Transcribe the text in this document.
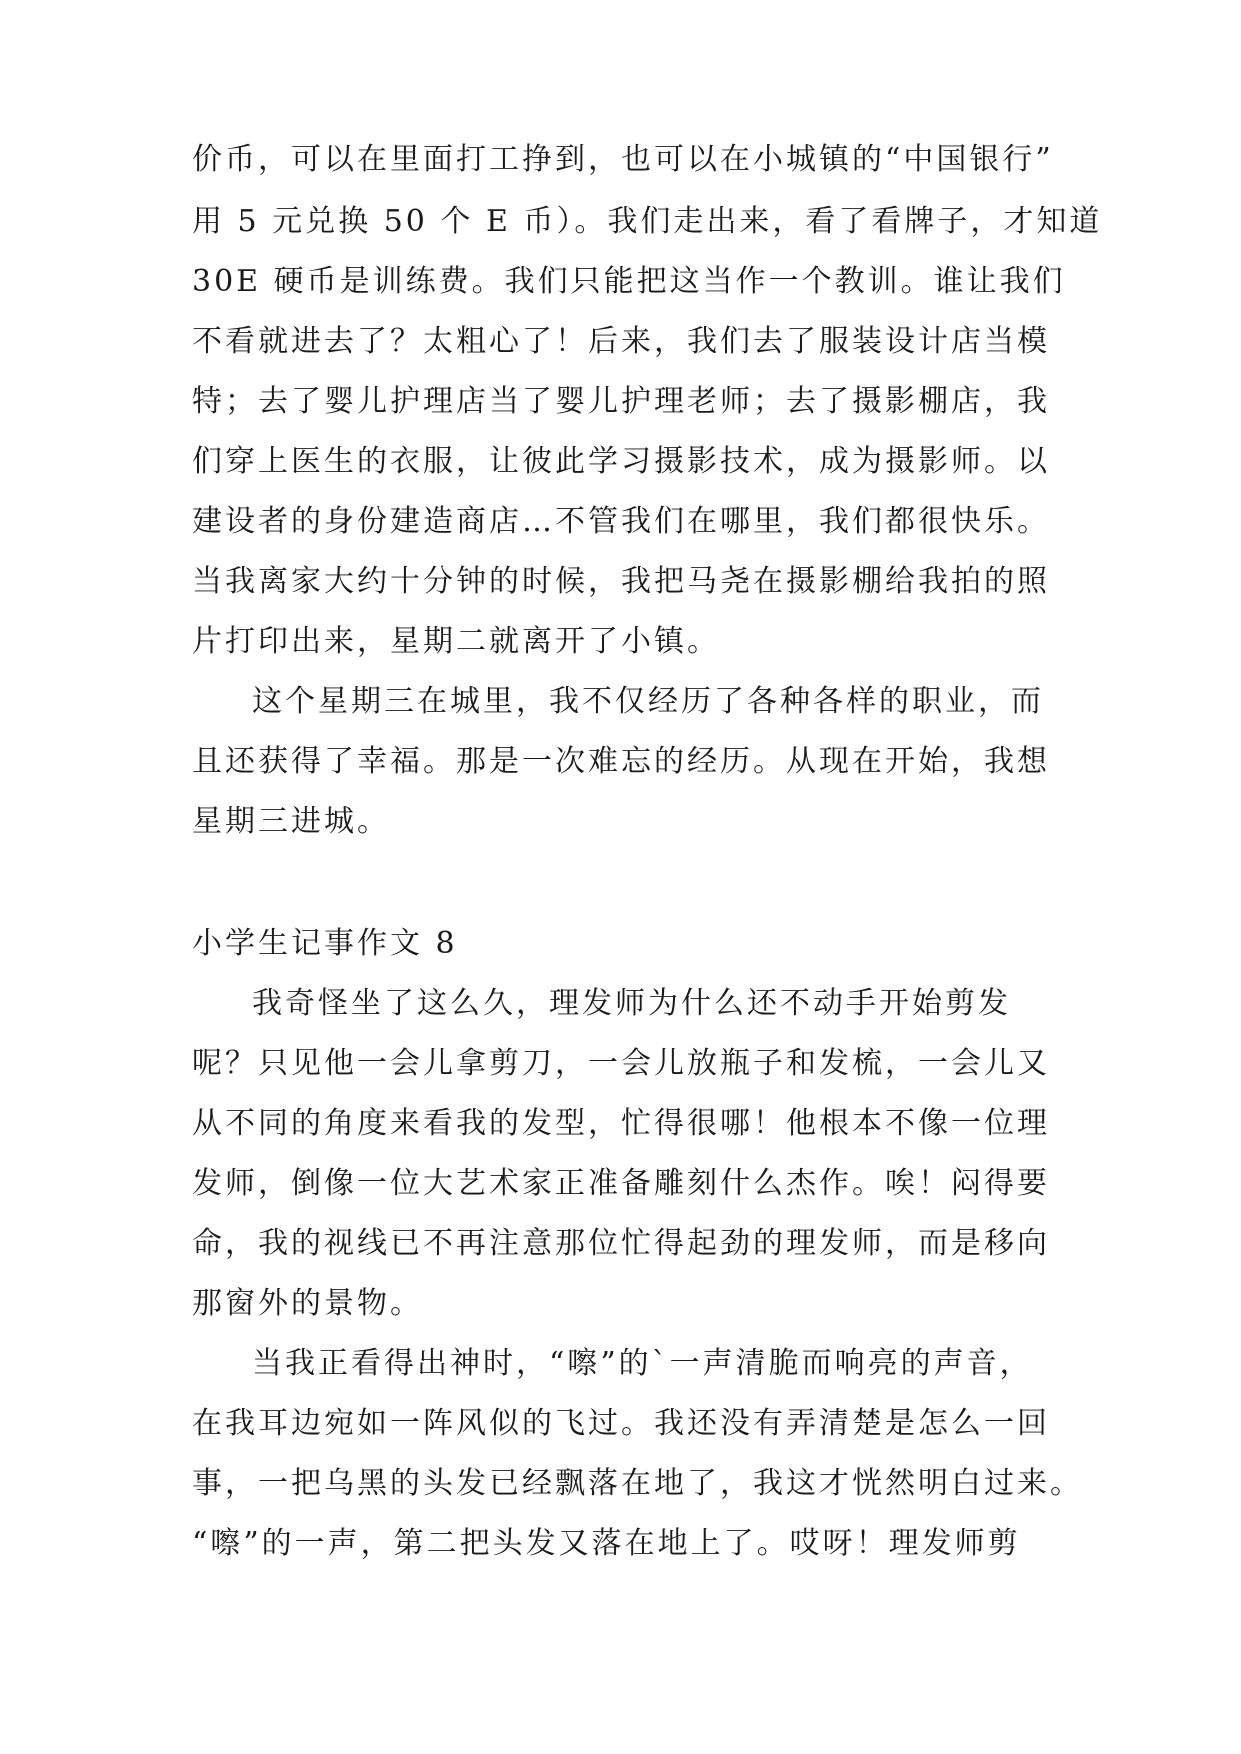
价币，可以在里面打工挣到，也可以在小城镇的“中国银行”
用 5 元兑换 50 个 E 币）。我们走出来，看了看牌子，才知道
30E 硬币是训练费。我们只能把这当作一个教训。谁让我们
不看就进去了？太粗心了！后来，我们去了服装设计店当模
特；去了婴儿护理店当了婴儿护理老师；去了摄影棚店，我
们穿上医生的衣服，让彼此学习摄影技术，成为摄影师。以
建设者的身份建造商店…不管我们在哪里，我们都很快乐。
当我离家大约十分钟的时候，我把马尧在摄影棚给我拍的照
片打印出来，星期二就离开了小镇。
这个星期三在城里，我不仅经历了各种各样的职业，而
且还获得了幸福。那是一次难忘的经历。从现在开始，我想
星期三进城。
小学生记事作文 8
我奇怪坐了这么久，理发师为什么还不动手开始剪发
呢？只见他一会儿拿剪刀，一会儿放瓶子和发梳，一会儿又
从不同的角度来看我的发型，忙得很哪！他根本不像一位理
发师，倒像一位大艺术家正准备雕刻什么杰作。唉！闷得要
命，我的视线已不再注意那位忙得起劲的理发师，而是移向
那窗外的景物。
当我正看得出神时，“嚓”的`一声清脆而响亮的声音，
在我耳边宛如一阵风似的飞过。我还没有弄清楚是怎么一回
事，一把乌黑的头发已经飘落在地了，我这才恍然明白过来。
“嚓”的一声，第二把头发又落在地上了。哎呀！理发师剪
